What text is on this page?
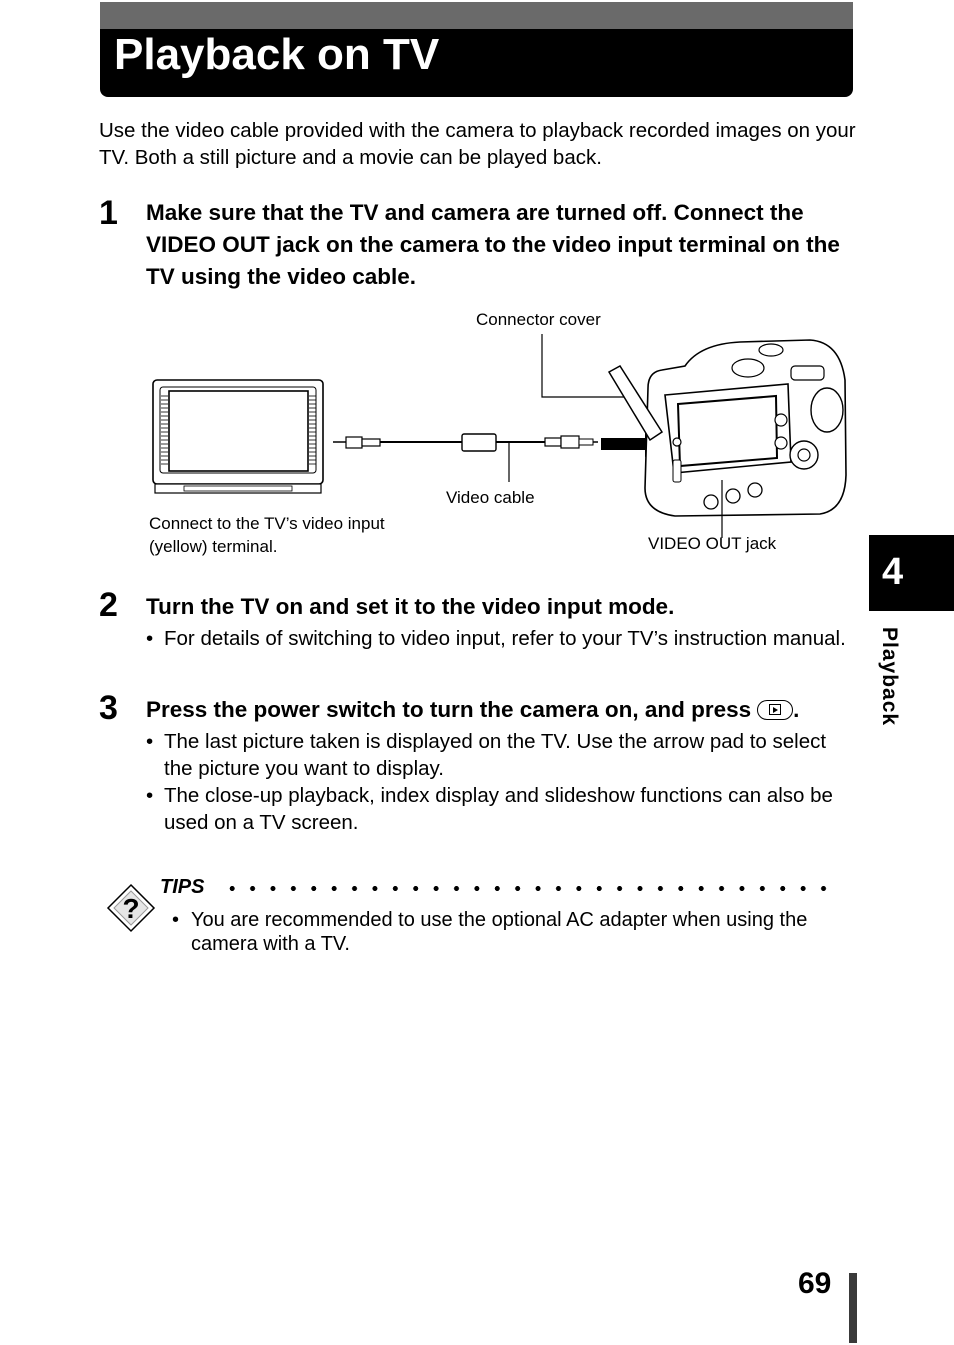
Playback on TV

Use the video cable provided with the camera to playback recorded images on your TV. Both a still picture and a movie can be played back.

1 Make sure that the TV and camera are turned off. Connect the VIDEO OUT jack on the camera to the video input terminal on the TV using the video cable.

Connector cover
Video cable
Connect to the TV’s video input
(yellow) terminal.	VIDEO OUT jack
2 Turn the TV on and set it to the video input mode.

• For details of switching to video input, refer to your TV’s instruction manual.
3 Press the power switch to turn the camera on, and press .

• The last picture taken is displayed on the TV. Use the arrow pad to select the picture you want to display.
• The close-up playback, index display and slideshow functions can also be used on a TV screen.
?
TIPS
• You are recommended to use the optional AC adapter when using the camera with a TV.
4
Playback
69
